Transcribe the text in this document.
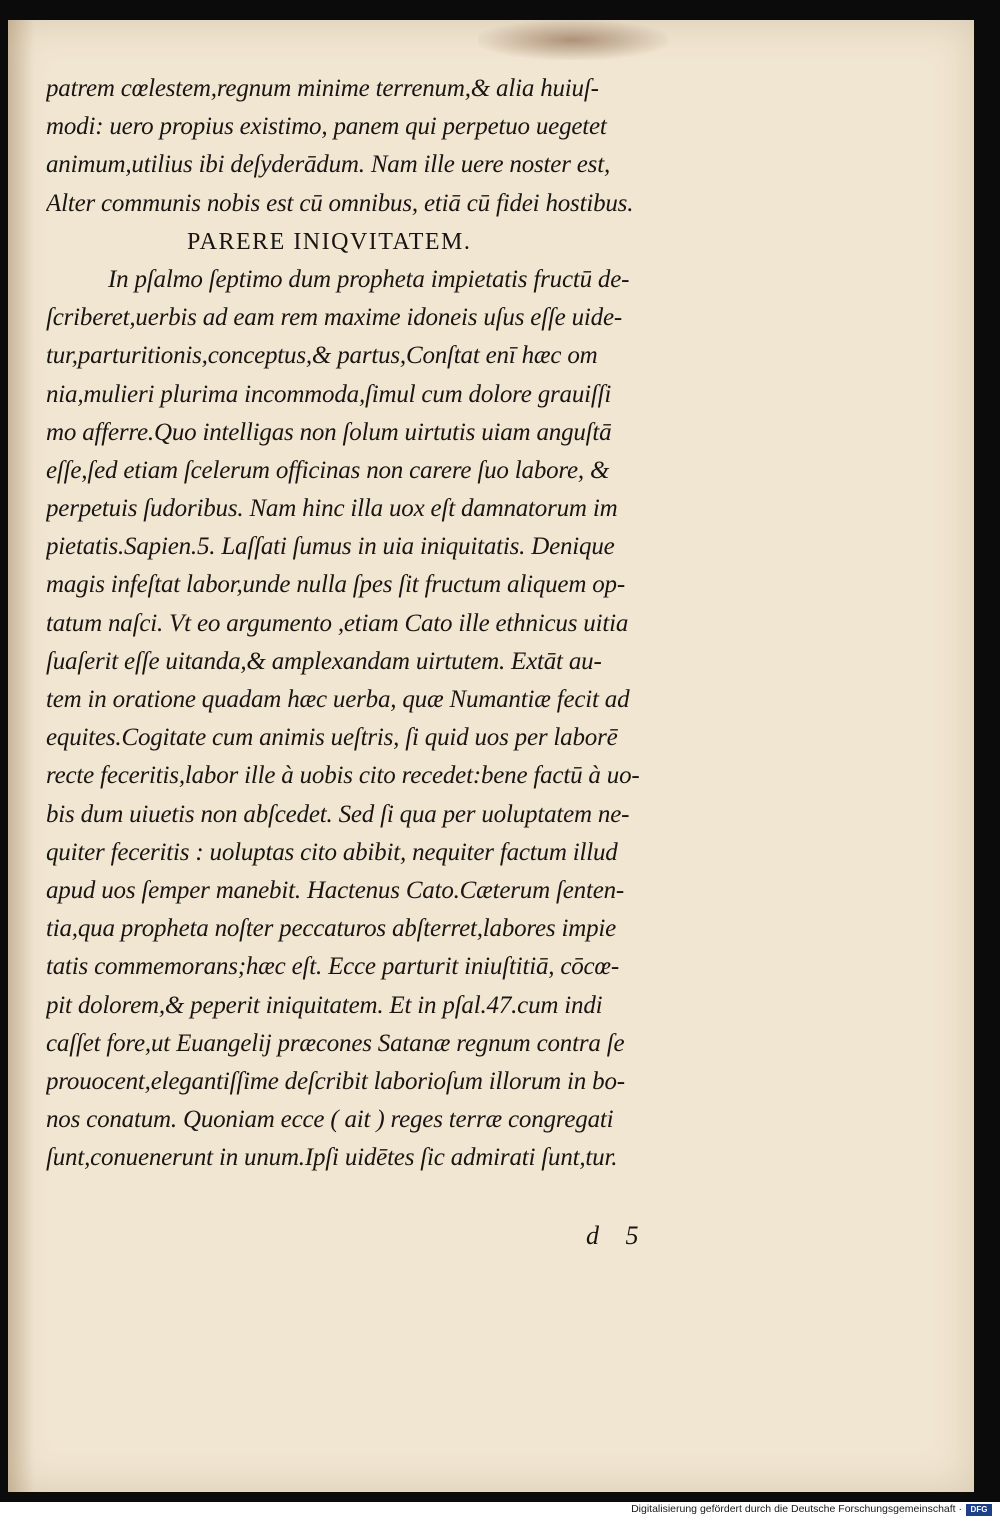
patrem cœlestem,regnum minime terrenum,& alia huiuſ-
modi: uero propius existimo, panem qui perpetuo uegetet
animum,utilius ibi deſyderādum. Nam ille uere noster est,
Alter communis nobis est cū omnibus, etiā cū fidei hostibus.
PARERE INIQVITATEM.
In pſalmo ſeptimo dum propheta impietatis fructū de-
ſcriberet,uerbis ad eam rem maxime idoneis uſus eſſe uide-
tur,parturitionis,conceptus,& partus,Conſtat enī hæc om
nia,mulieri plurima incommoda,ſimul cum dolore grauiſſi
mo afferre.Quo intelligas non ſolum uirtutis uiam anguſtā
eſſe,ſed etiam ſcelerum officinas non carere ſuo labore, &
perpetuis ſudoribus. Nam hinc illa uox eſt damnatorum im
pietatis.Sapien.5. Laſſati ſumus in uia iniquitatis. Denique
magis infeſtat labor,unde nulla ſpes ſit fructum aliquem op-
tatum naſci. Vt eo argumento ,etiam Cato ille ethnicus uitia
ſuaſerit eſſe uitanda,& amplexandam uirtutem. Extāt au-
tem in oratione quadam hæc uerba, quæ Numantiæ fecit ad
equites.Cogitate cum animis ueſtris, ſi quid uos per laborē
recte feceritis,labor ille à uobis cito recedet:bene factū à uo-
bis dum uiuetis non abſcedet. Sed ſi qua per uoluptatem ne-
quiter feceritis : uoluptas cito abibit, nequiter factum illud
apud uos ſemper manebit. Hactenus Cato.Cæterum ſenten-
tia,qua propheta noſter peccaturos abſterret,labores impie
tatis commemorans;hæc eſt. Ecce parturit iniuſtitiā, cōcœ-
pit dolorem,& peperit iniquitatem. Et in pſal.47.cum indi
caſſet fore,ut Euangelij præcones Satanæ regnum contra ſe
prouocent,elegantiſſime deſcribit laborioſum illorum in bo-
nos conatum. Quoniam ecce ( ait ) reges terræ congregati
ſunt,conuenerunt in unum.Ipſi uidētes ſic admirati ſunt,tur.
d 5
Digitalisierung gefördert durch die Deutsche Forschungsgemeinschaft ·	DFG
